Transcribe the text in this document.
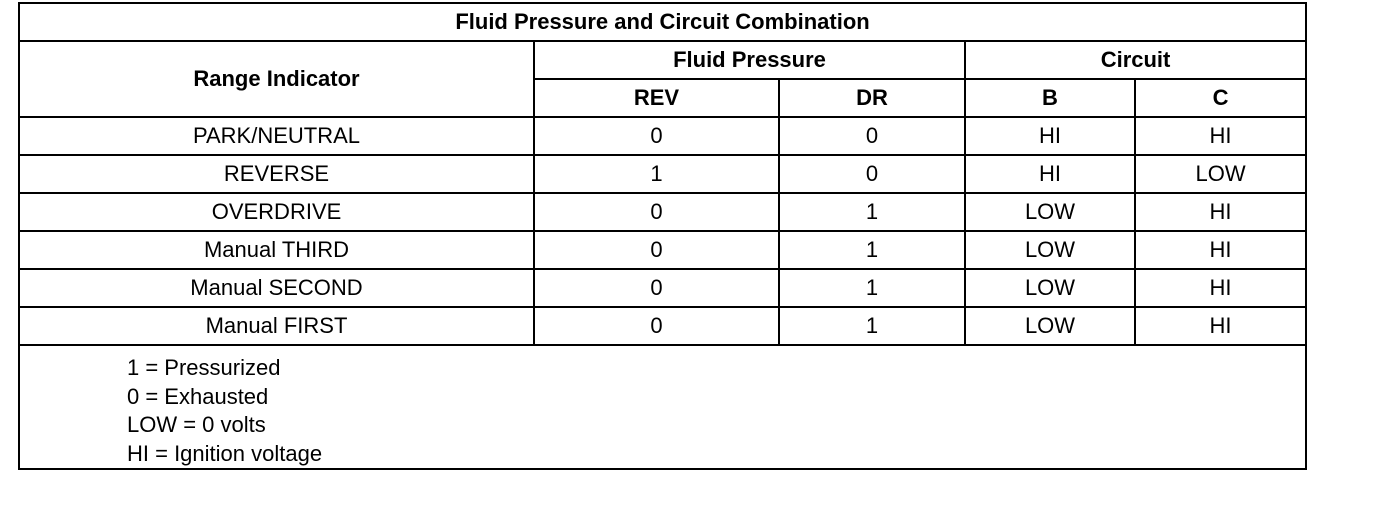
Fluid Pressure and Circuit Combination				
Range Indicator	Fluid Pressure		Circuit	
	REV	DR	B	C
PARK/NEUTRAL	0	0	HI	HI
REVERSE	1	0	HI	LOW
OVERDRIVE	0	1	LOW	HI
Manual THIRD	0	1	LOW	HI
Manual SECOND	0	1	LOW	HI
Manual FIRST	0	1	LOW	HI

1 = Pressurized
0 = Exhausted
LOW = 0 volts
HI = Ignition voltage				
